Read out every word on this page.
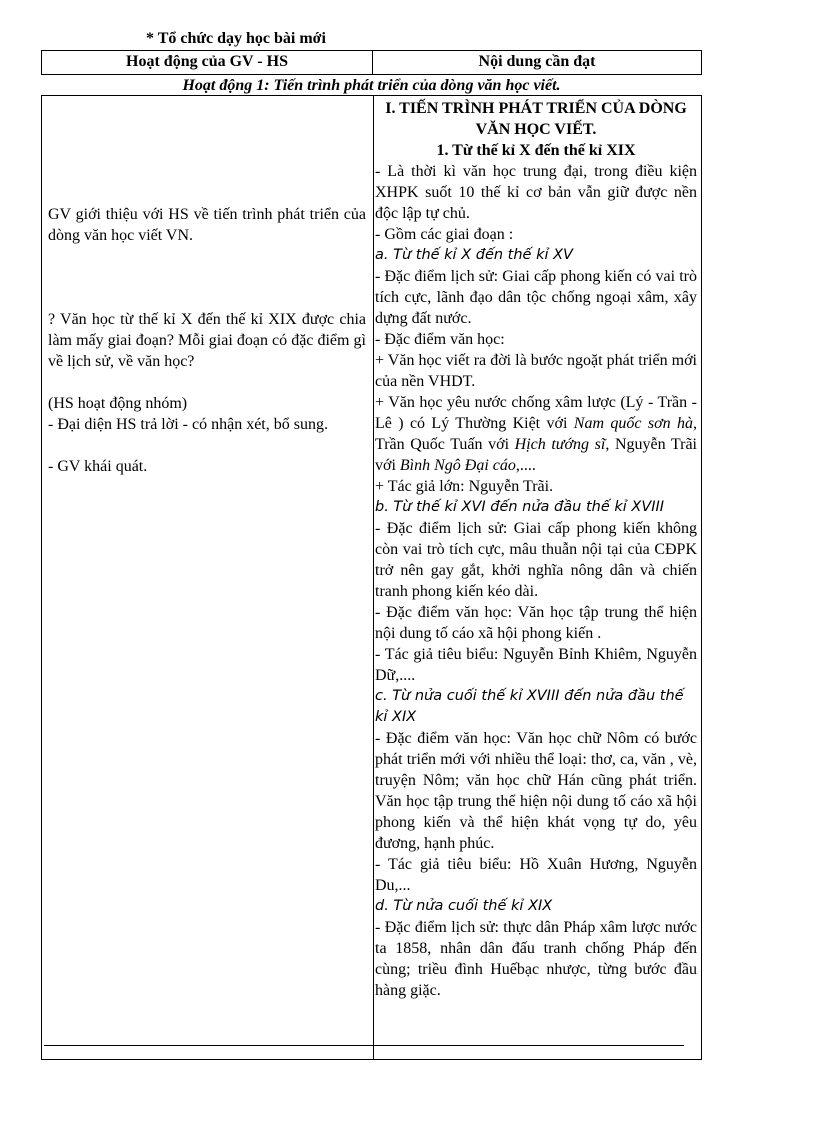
* Tổ chức dạy học bài mới
Hoạt động của GV - HS	Nội dung cần đạt
Hoạt động 1: Tiến trình phát triển của dòng văn học viết.

GV giới thiệu với HS về tiến trình phát triển của dòng văn học viết VN.

? Văn học từ thế kỉ X đến thế kỉ XIX được chia làm mấy giai đoạn? Mỗi giai đoạn có đặc điểm gì về lịch sử, về văn học?

(HS hoạt động nhóm)

- Đại diện HS trả lời - có nhận xét, bổ sung.

- GV khái quát.

I. TIẾN TRÌNH PHÁT TRIỂN CỦA DÒNG VĂN HỌC VIẾT.

1. Từ thế kỉ X đến thế kỉ XIX

- Là thời kì văn học trung đại, trong điều kiện XHPK suốt 10 thế kỉ cơ bản vẫn giữ được nền độc lập tự chủ.

- Gồm các giai đoạn :

a. Từ thế kỉ X đến thế kỉ XV

- Đặc điểm lịch sử: Giai cấp phong kiến có vai trò tích cực, lãnh đạo dân tộc chống ngoại xâm, xây dựng đất nước.

- Đặc điểm văn học:

+ Văn học viết ra đời là bước ngoặt phát triển mới của nền VHDT.

+ Văn học yêu nước chống xâm lược (Lý - Trần - Lê ) có Lý Thường Kiệt với Nam quốc sơn hà, Trần Quốc Tuấn với Hịch tướng sĩ, Nguyễn Trãi với Bình Ngô Đại cáo,....

+ Tác giả lớn: Nguyễn Trãi.

b. Từ thế kỉ XVI đến nửa đầu thế kỉ XVIII

- Đặc điểm lịch sử: Giai cấp phong kiến không còn vai trò tích cực, mâu thuẫn nội tại của CĐPK trở nên gay gắt, khởi nghĩa nông dân và chiến tranh phong kiến kéo dài.

- Đặc điểm văn học: Văn học tập trung thể hiện nội dung tố cáo xã hội phong kiến .

- Tác giả tiêu biểu: Nguyễn Bỉnh Khiêm, Nguyễn Dữ,....

c. Từ nửa cuối thế kỉ XVIII đến nửa đầu thế kỉ XIX

- Đặc điểm văn học: Văn học chữ Nôm có bước phát triển mới với nhiều thể loại: thơ, ca, văn , vè, truyện Nôm; văn học chữ Hán cũng phát triển. Văn học tập trung thể hiện nội dung tố cáo xã hội phong kiến và thể hiện khát vọng tự do, yêu đương, hạnh phúc.

- Tác giả tiêu biểu: Hồ Xuân Hương, Nguyễn Du,...

d. Từ nửa cuối thế kỉ XIX

- Đặc điểm lịch sử: thực dân Pháp xâm lược nước ta 1858, nhân dân đấu tranh chống Pháp đến cùng; triều đình Huếbạc nhược, từng bước đầu hàng giặc.
